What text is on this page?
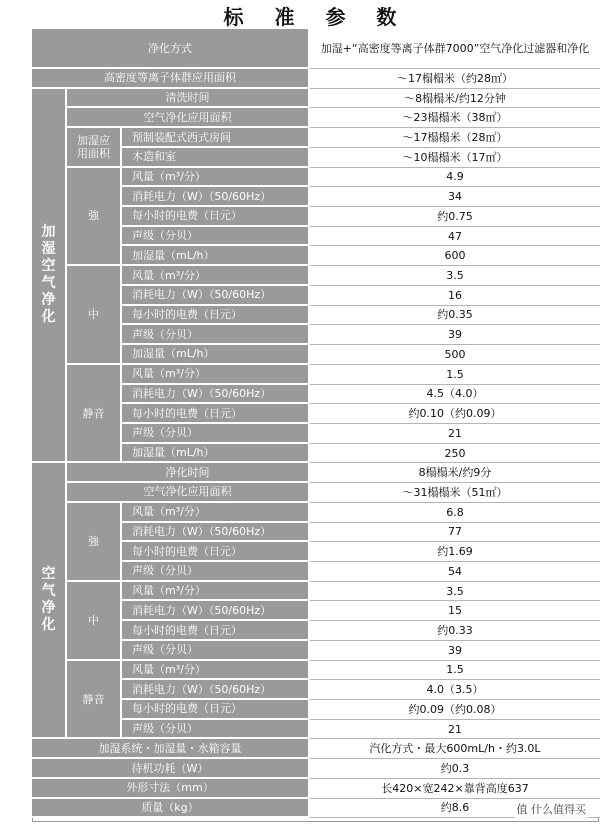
标 准 参 数
净化方式	加湿+“高密度等离子体群7000”空气净化过滤器和净化
高密度等离子体群应用面积	～17榻榻米（约28㎡）
加
湿
空
气
净
化
清洗时间	～8榻榻米/约12分钟
空气净化应用面积	～23榻榻米（38㎡）
加湿应用面积
预制装配式西式房间	～17榻榻米（28㎡）
木造和室	～10榻榻米（17㎡）
強
风量（m³/分）	4.9
消耗电力（W）（50/60Hz）	34
每小时的电费（日元）	约0.75
声级（分贝）	47
加湿量（mL/h）	600
中
风量（m³/分）	3.5
消耗电力（W）（50/60Hz）	16
每小时的电费（日元）	约0.35
声级（分贝）	39
加湿量（mL/h）	500
静音
风量（m³/分）	1.5
消耗电力（W）（50/60Hz）	4.5（4.0）
每小时的电费（日元）	约0.10（约0.09）
声级（分贝）	21
加湿量（mL/h）	250
空
气
净
化
净化时间	8榻榻米/约9分
空气净化应用面积	～31榻榻米（51㎡）
強
风量（m³/分）	6.8
消耗电力（W）（50/60Hz）	77
每小时的电费（日元）	约1.69
声级（分贝）	54
中
风量（m³/分）	3.5
消耗电力（W）（50/60Hz）	15
每小时的电费（日元）	约0.33
声级（分贝）	39
静音
风量（m³/分）	1.5
消耗电力（W）（50/60Hz）	4.0（3.5）
每小时的电费（日元）	约0.09（约0.08）
声级（分贝）	21
加湿系统・加湿量・水箱容量	汽化方式・最大600mL/h・约3.0L
待机功耗（W）	约0.3
外形寸法（mm）	长420×宽242×靠背高度637
质量（kg）	约8.6	值 什么值得买
